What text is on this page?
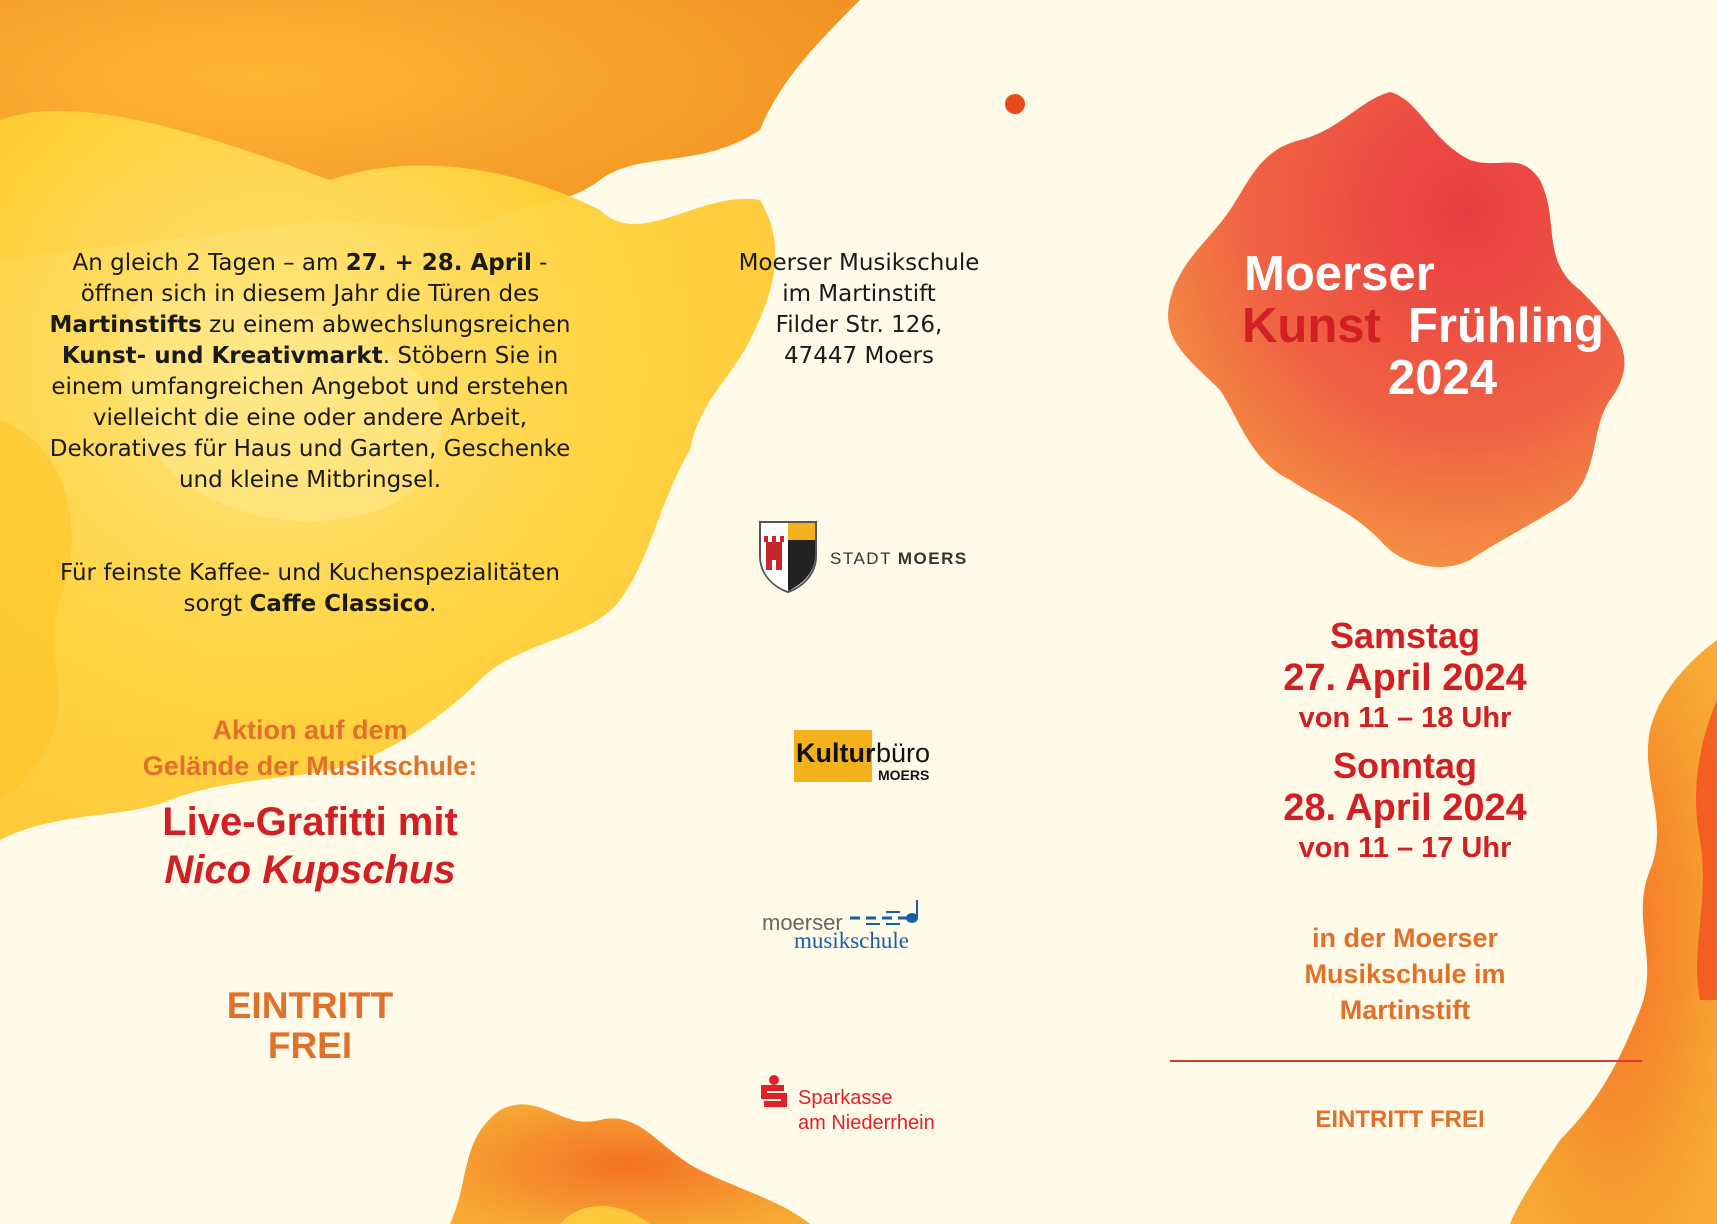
An gleich 2 Tagen – am 27. + 28. April - öffnen sich in diesem Jahr die Türen des Martinstifts zu einem abwechslungsreichen Kunst- und Kreativmarkt. Stöbern Sie in einem umfangreichen Angebot und erstehen vielleicht die eine oder andere Arbeit, Dekoratives für Haus und Garten, Geschenke und kleine Mitbringsel.
Für feinste Kaffee- und Kuchenspezialitäten sorgt Caffe Classico.
Aktion auf dem
Gelände der Musikschule:
Live-Grafitti mit
Nico Kupschus
EINTRITT
FREI
Moerser Musikschule
im Martinstift
Filder Str. 126,
47447 Moers
STADT MOERS
Kultur büro
MOERS
moerser
musikschule
Sparkasse
am Niederrhein
Moerser
Kunst Frühling
2024
Samstag
27. April 2024
von 11 – 18 Uhr
Sonntag
28. April 2024
von 11 – 17 Uhr
in der Moerser
Musikschule im
Martinstift
EINTRITT FREI
